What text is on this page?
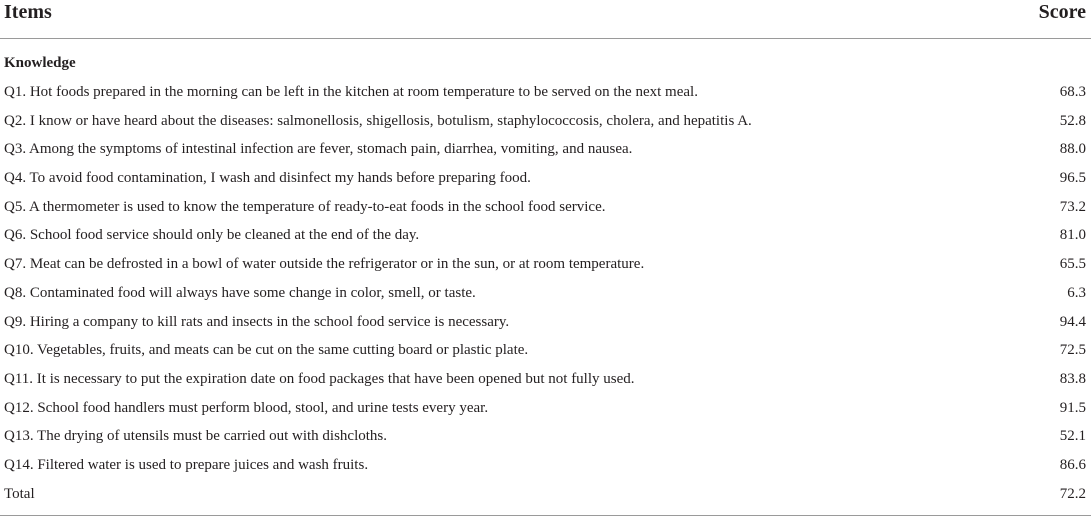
Items	Score
Knowledge
Q1. Hot foods prepared in the morning can be left in the kitchen at room temperature to be served on the next meal.	68.3
Q2. I know or have heard about the diseases: salmonellosis, shigellosis, botulism, staphylococcosis, cholera, and hepatitis A.	52.8
Q3. Among the symptoms of intestinal infection are fever, stomach pain, diarrhea, vomiting, and nausea.	88.0
Q4. To avoid food contamination, I wash and disinfect my hands before preparing food.	96.5
Q5. A thermometer is used to know the temperature of ready-to-eat foods in the school food service.	73.2
Q6. School food service should only be cleaned at the end of the day.	81.0
Q7. Meat can be defrosted in a bowl of water outside the refrigerator or in the sun, or at room temperature.	65.5
Q8. Contaminated food will always have some change in color, smell, or taste.	6.3
Q9. Hiring a company to kill rats and insects in the school food service is necessary.	94.4
Q10. Vegetables, fruits, and meats can be cut on the same cutting board or plastic plate.	72.5
Q11. It is necessary to put the expiration date on food packages that have been opened but not fully used.	83.8
Q12. School food handlers must perform blood, stool, and urine tests every year.	91.5
Q13. The drying of utensils must be carried out with dishcloths.	52.1
Q14. Filtered water is used to prepare juices and wash fruits.	86.6
Total	72.2
